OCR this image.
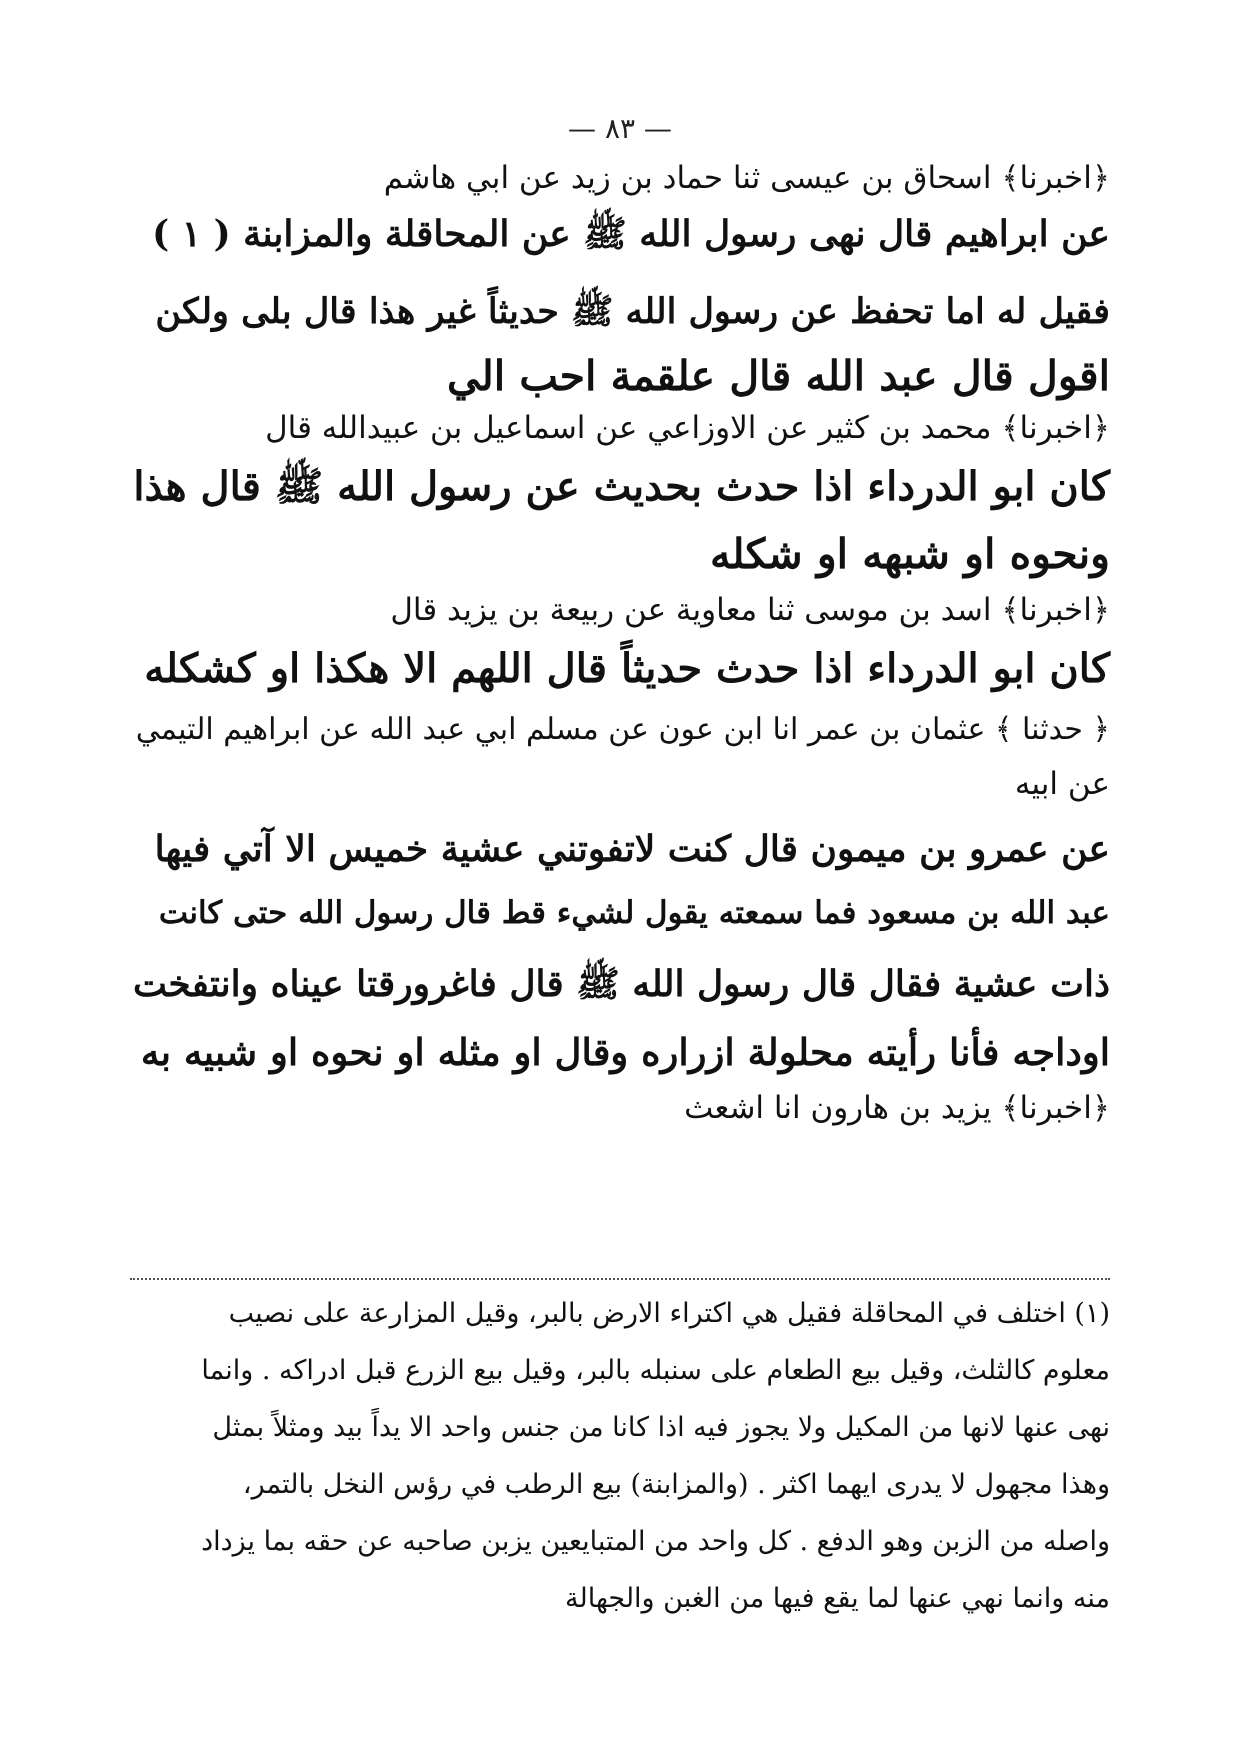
— ٨٣ —
﴿اخبرنا﴾ اسحاق بن عيسى ثنا حماد بن زيد عن ابي هاشم
عن ابراهيم قال نهى رسول الله ﷺ عن المحاقلة والمزابنة ( ١ )
فقيل له اما تحفظ عن رسول الله ﷺ حديثاً غير هذا قال بلى ولكن
اقول قال عبد الله قال علقمة احب الي
﴿اخبرنا﴾ محمد بن كثير عن الاوزاعي عن اسماعيل بن عبيدالله قال
كان ابو الدرداء اذا حدث بحديث عن رسول الله ﷺ قال هذا
ونحوه او شبهه او شكله
﴿اخبرنا﴾ اسد بن موسى ثنا معاوية عن ربيعة بن يزيد قال
كان ابو الدرداء اذا حدث حديثاً قال اللهم الا هكذا او كشكله
﴿ حدثنا ﴾ عثمان بن عمر انا ابن عون عن مسلم ابي عبد الله عن ابراهيم التيمي
عن ابيه
عن عمرو بن ميمون قال كنت لاتفوتني عشية خميس الا آتي فيها
عبد الله بن مسعود فما سمعته يقول لشيء قط قال رسول الله حتى كانت
ذات عشية فقال قال رسول الله ﷺ قال فاغرورقتا عيناه وانتفخت
اوداجه فأنا رأيته محلولة ازراره وقال او مثله او نحوه او شبيه به
﴿اخبرنا﴾ يزيد بن هارون انا اشعث
(١) اختلف في المحاقلة فقيل هي اكتراء الارض بالبر، وقيل المزارعة على نصيب
معلوم كالثلث، وقيل بيع الطعام على سنبله بالبر، وقيل بيع الزرع قبل ادراكه . وانما
نهى عنها لانها من المكيل ولا يجوز فيه اذا كانا من جنس واحد الا يداً بيد ومثلاً بمثل
وهذا مجهول لا يدرى ايهما اكثر . (والمزابنة) بيع الرطب في رؤس النخل بالتمر،
واصله من الزبن وهو الدفع . كل واحد من المتبايعين يزبن صاحبه عن حقه بما يزداد
منه وانما نهي عنها لما يقع فيها من الغبن والجهالة
